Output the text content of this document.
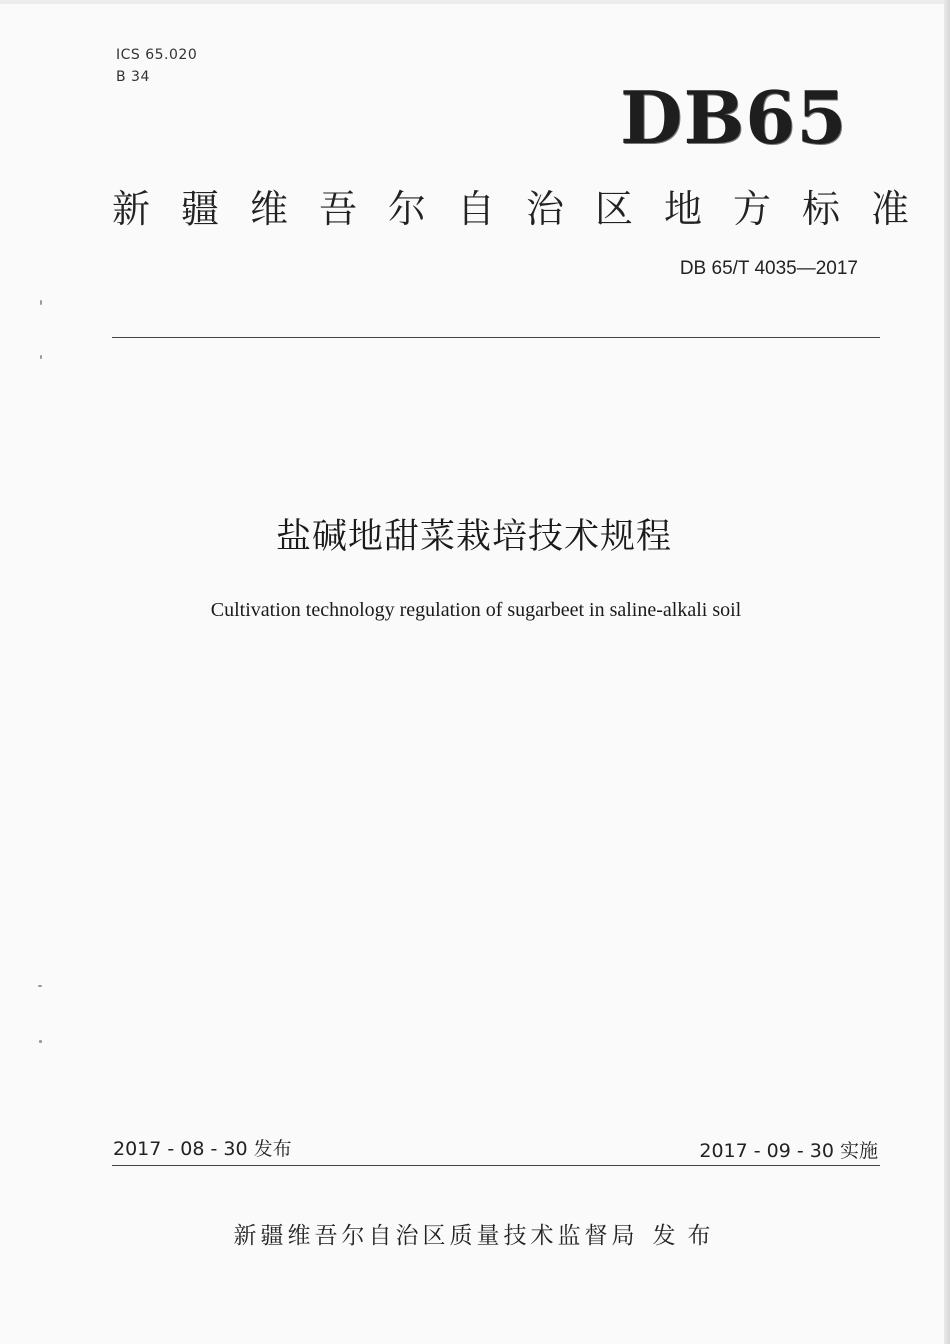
ICS 65.020
B 34	DB65
新疆维吾尔自治区地方标准
DB 65/T 4035—2017
盐碱地甜菜栽培技术规程
Cultivation technology regulation of sugarbeet in saline-alkali soil
2017 - 08 - 30 发布	2017 - 09 - 30 实施
新疆维吾尔自治区质量技术监督局 发布
